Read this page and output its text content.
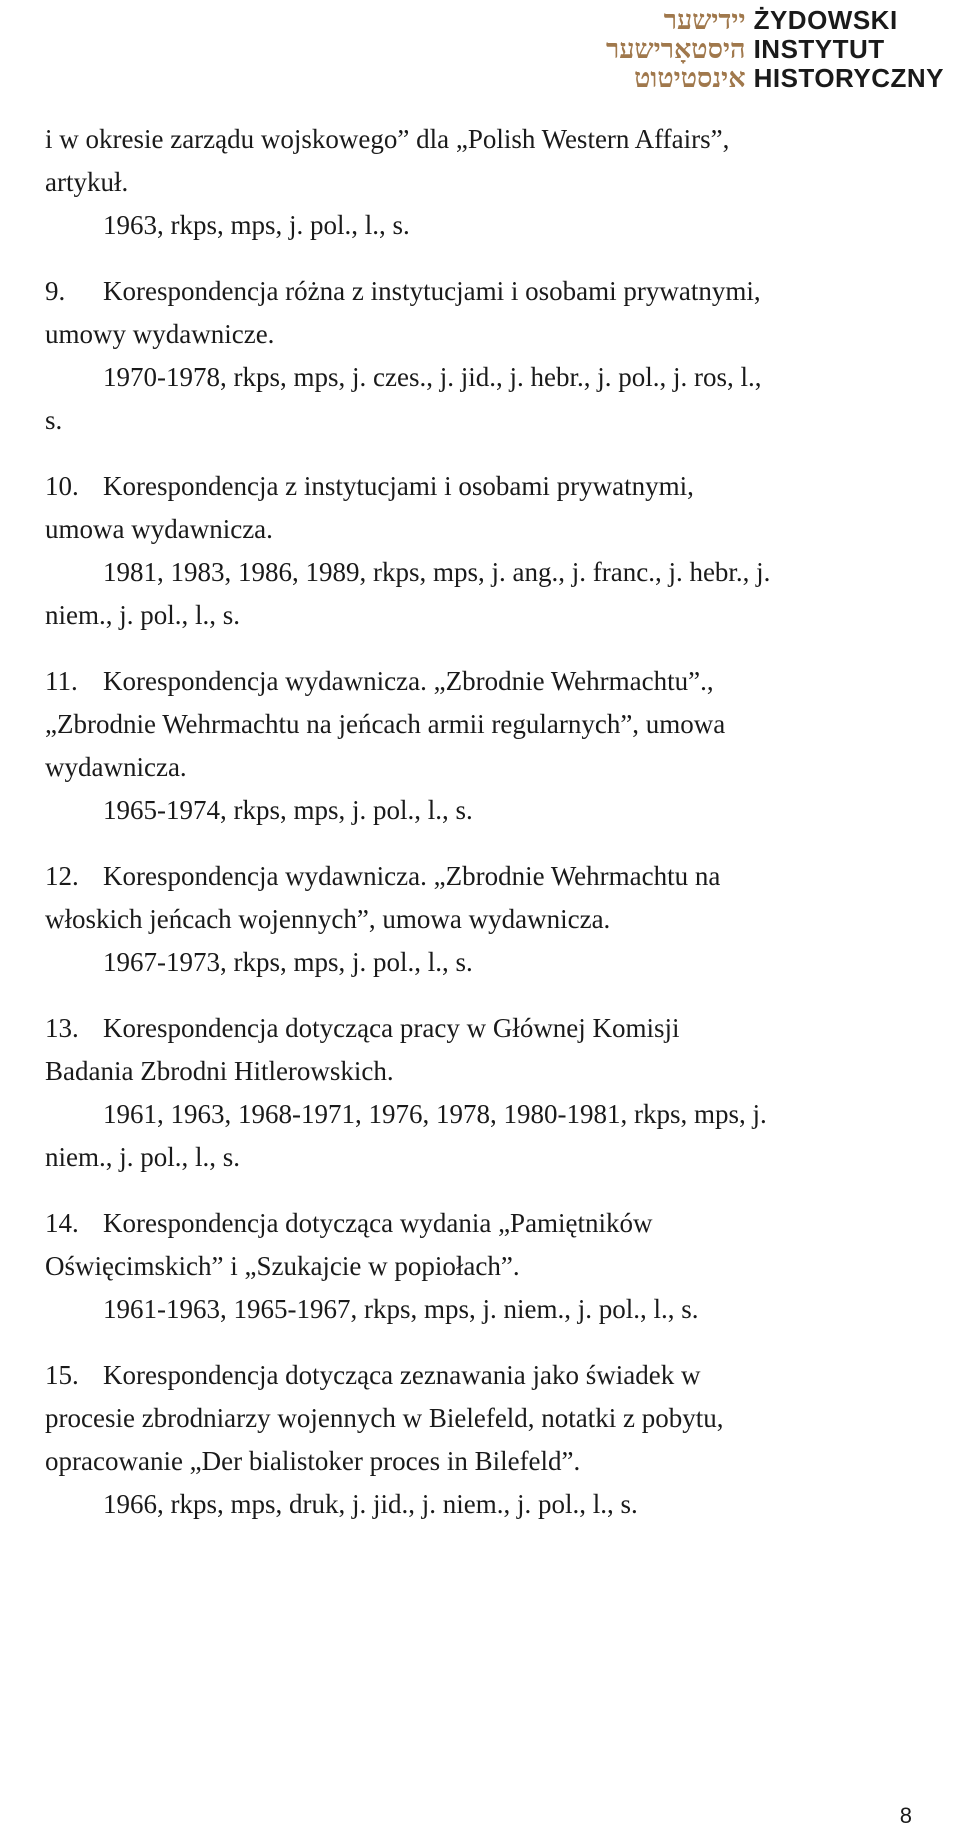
יידישער
היסטאָרישער
אינסטיטוט
ŻYDOWSKI
INSTYTUT
HISTORYCZNY
i w okresie zarządu wojskowego” dla „Polish Western Affairs”,
artykuł.
1963, rkps, mps, j. pol., l., s.
9. Korespondencja różna z instytucjami i osobami prywatnymi,
umowy wydawnicze.
1970-1978, rkps, mps, j. czes., j. jid., j. hebr., j. pol., j. ros, l.,
s.
10. Korespondencja z instytucjami i osobami prywatnymi,
umowa wydawnicza.
1981, 1983, 1986, 1989, rkps, mps, j. ang., j. franc., j. hebr., j.
niem., j. pol., l., s.
11. Korespondencja wydawnicza. „Zbrodnie Wehrmachtu”.,
„Zbrodnie Wehrmachtu na jeńcach armii regularnych”, umowa
wydawnicza.
1965-1974, rkps, mps, j. pol., l., s.
12. Korespondencja wydawnicza. „Zbrodnie Wehrmachtu na
włoskich jeńcach wojennych”, umowa wydawnicza.
1967-1973, rkps, mps, j. pol., l., s.
13. Korespondencja dotycząca pracy w Głównej Komisji
Badania Zbrodni Hitlerowskich.
1961, 1963, 1968-1971, 1976, 1978, 1980-1981, rkps, mps, j.
niem., j. pol., l., s.
14. Korespondencja dotycząca wydania „Pamiętników
Oświęcimskich” i „Szukajcie w popiołach”.
1961-1963, 1965-1967, rkps, mps, j. niem., j. pol., l., s.
15. Korespondencja dotycząca zeznawania jako świadek w
procesie zbrodniarzy wojennych w Bielefeld, notatki z pobytu,
opracowanie „Der bialistoker proces in Bilefeld”.
1966, rkps, mps, druk, j. jid., j. niem., j. pol., l., s.
8
